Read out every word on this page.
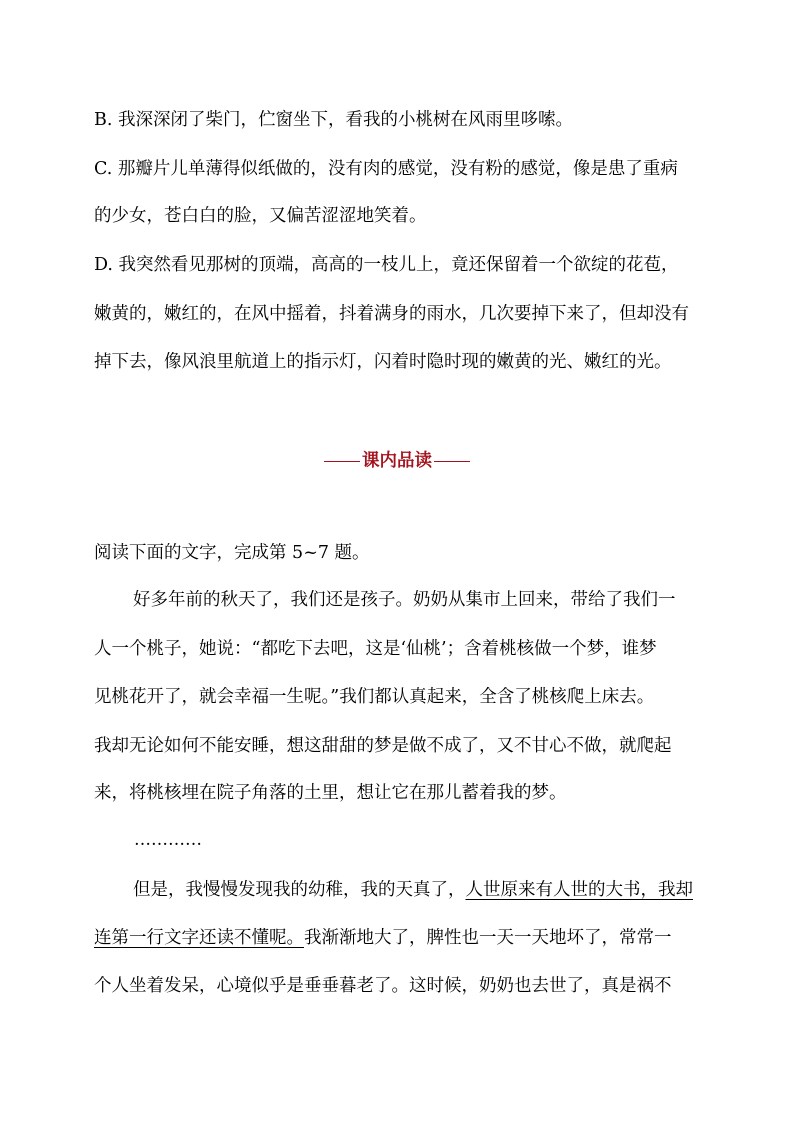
B. 我深深闭了柴门，伫窗坐下，看我的小桃树在风雨里哆嗦。
C. 那瓣片儿单薄得似纸做的，没有肉的感觉，没有粉的感觉，像是患了重病
的少女，苍白白的脸，又偏苦涩涩地笑着。
D. 我突然看见那树的顶端，高高的一枝儿上，竟还保留着一个欲绽的花苞，
嫩黄的，嫩红的，在风中摇着，抖着满身的雨水，几次要掉下来了，但却没有
掉下去，像风浪里航道上的指示灯，闪着时隐时现的嫩黄的光、嫩红的光。
课内品读
阅读下面的文字，完成第 5~7 题。
好多年前的秋天了，我们还是孩子。奶奶从集市上回来，带给了我们一
人一个桃子，她说：“都吃下去吧，这是‘仙桃’；含着桃核做一个梦，谁梦
见桃花开了，就会幸福一生呢。”我们都认真起来，全含了桃核爬上床去。
我却无论如何不能安睡，想这甜甜的梦是做不成了，又不甘心不做，就爬起
来，将桃核埋在院子角落的土里，想让它在那儿蓄着我的梦。
…………
但是，我慢慢发现我的幼稚，我的天真了，人世原来有人世的大书，我却
连第一行文字还读不懂呢。我渐渐地大了，脾性也一天一天地坏了，常常一
个人坐着发呆，心境似乎是垂垂暮老了。这时候，奶奶也去世了，真是祸不
